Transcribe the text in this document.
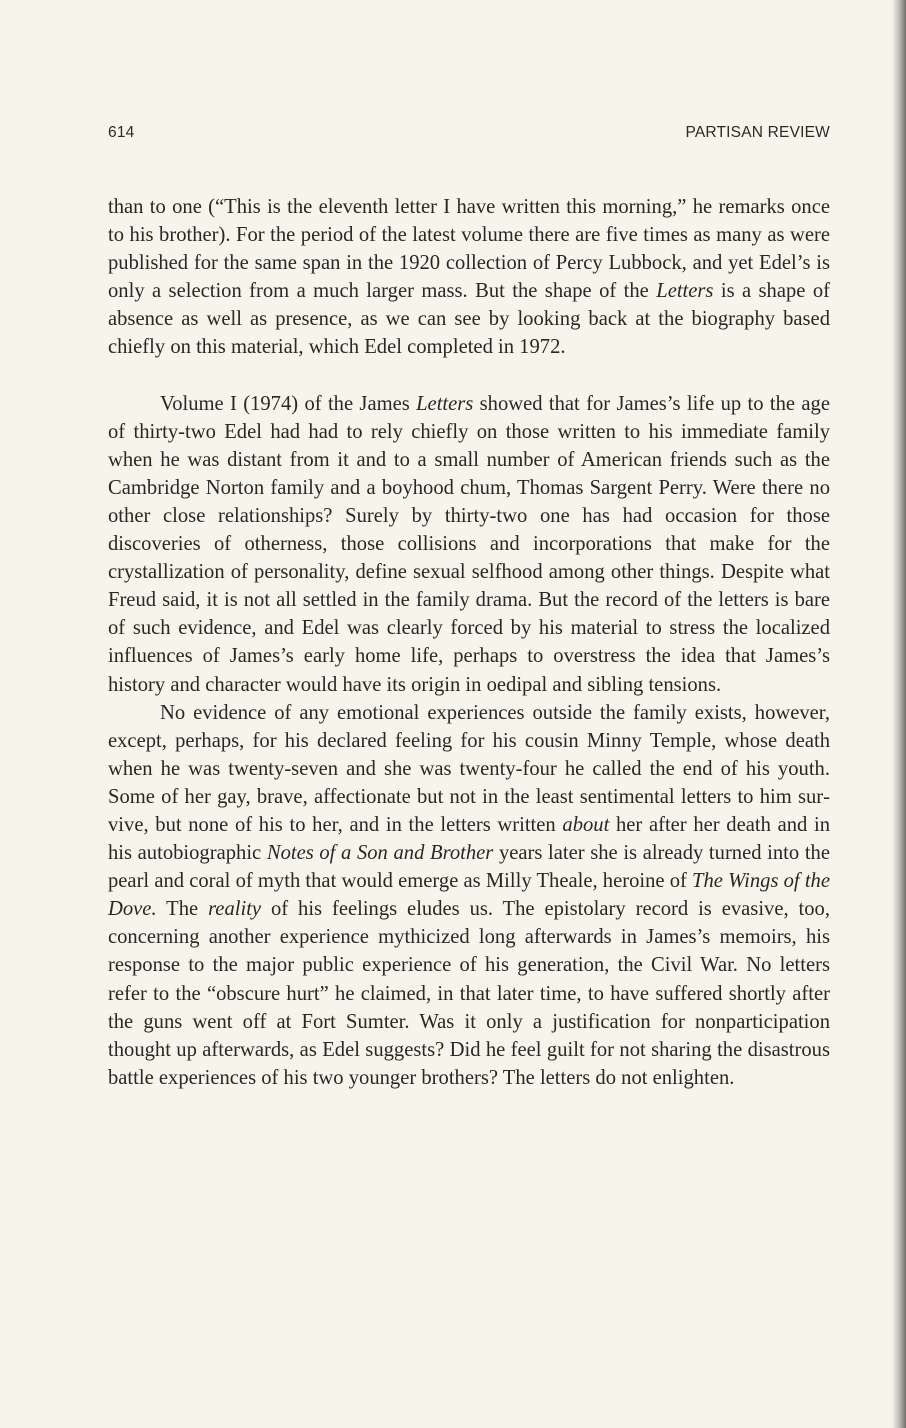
614	PARTISAN REVIEW

than to one (“This is the eleventh letter I have written this morning,” he remarks once to his brother). For the period of the latest volume there are five times as many as were published for the same span in the 1920 collection of Percy Lubbock, and yet Edel’s is only a selection from a much larger mass. But the shape of the Letters is a shape of absence as well as presence, as we can see by looking back at the biography based chiefly on this material, which Edel completed in 1972.

Volume I (1974) of the James Letters showed that for James’s life up to the age of thirty-two Edel had had to rely chiefly on those written to his immediate family when he was distant from it and to a small number of American friends such as the Cambridge Norton family and a boyhood chum, Thomas Sargent Perry. Were there no other close relationships? Surely by thirty-two one has had occasion for those discoveries of otherness, those collisions and incorporations that make for the crystallization of personality, define sexual selfhood among other things. Despite what Freud said, it is not all settled in the family drama. But the record of the letters is bare of such evidence, and Edel was clearly forced by his material to stress the localized influences of James’s early home life, perhaps to overstress the idea that James’s history and character would have its origin in oedipal and sibling tensions.

No evidence of any emotional experiences outside the family exists, however, except, perhaps, for his declared feeling for his cousin Minny Temple, whose death when he was twenty-seven and she was twenty-four he called the end of his youth. Some of her gay, brave, affectionate but not in the least sentimental letters to him survive, but none of his to her, and in the letters written about her after her death and in his autobiographic Notes of a Son and Brother years later she is already turned into the pearl and coral of myth that would emerge as Milly Theale, heroine of The Wings of the Dove. The reality of his feelings eludes us. The epistolary record is evasive, too, concerning another experience mythicized long afterwards in James’s memoirs, his response to the major public experience of his generation, the Civil War. No letters refer to the “obscure hurt” he claimed, in that later time, to have suffered shortly after the guns went off at Fort Sumter. Was it only a justification for nonparticipation thought up afterwards, as Edel suggests? Did he feel guilt for not sharing the disastrous battle experiences of his two younger brothers? The letters do not enlighten.
